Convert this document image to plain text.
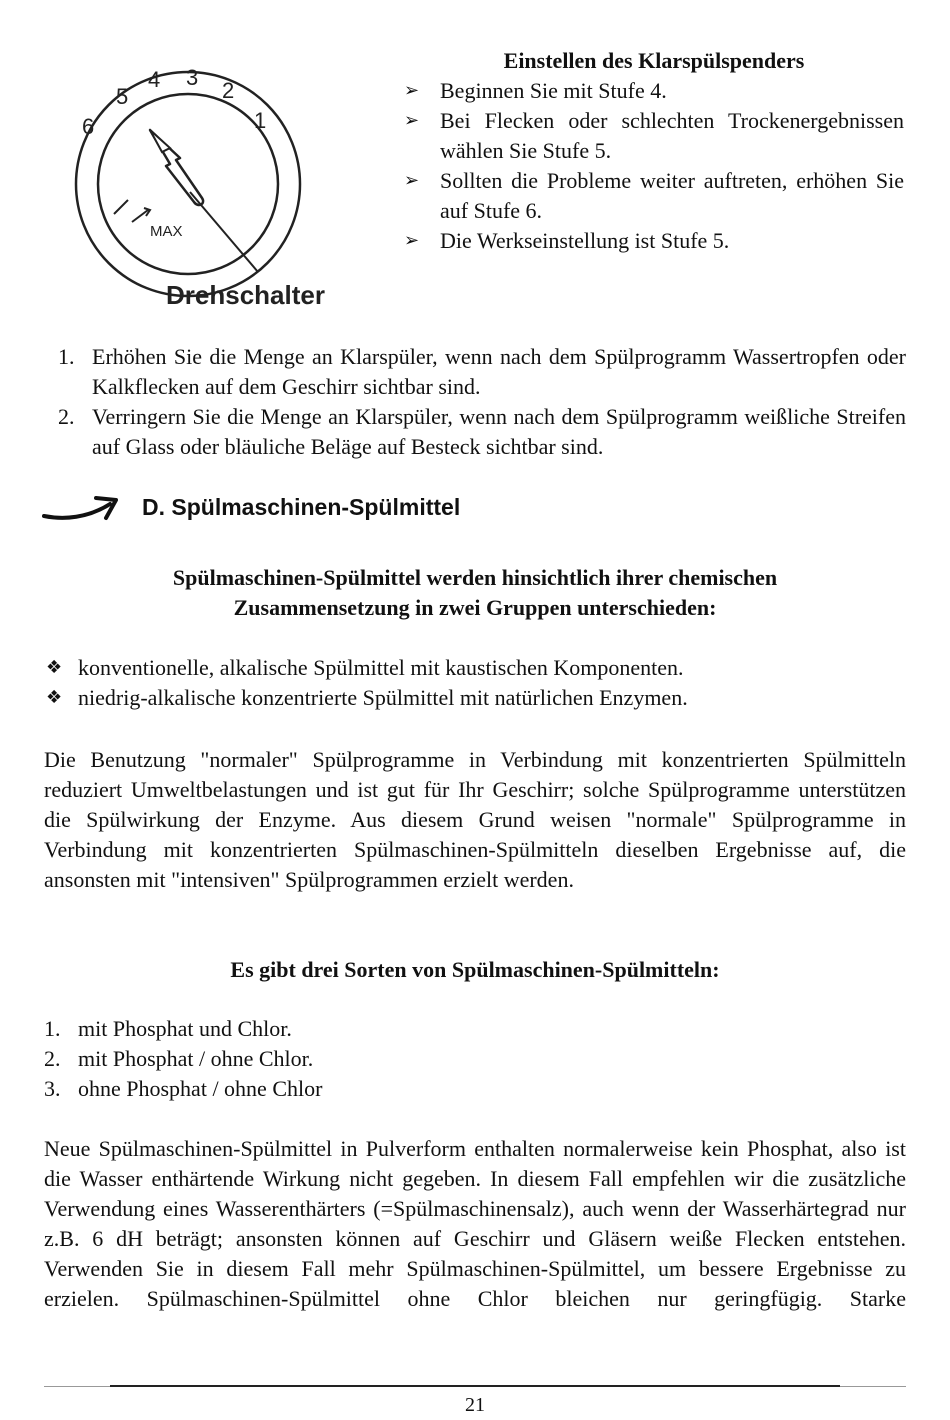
6
5
4 3
2
1
MAX
Drehschalter
Einstellen des Klarspülspenders
➢ Beginnen Sie mit Stufe 4.
➢ Bei Flecken oder schlechten Trockenergebnissen wählen Sie Stufe 5.
➢ Sollten die Probleme weiter auftreten, erhöhen Sie auf Stufe 6.
➢ Die Werkseinstellung ist Stufe 5.
1. Erhöhen Sie die Menge an Klarspüler, wenn nach dem Spülprogramm Wassertropfen oder Kalkflecken auf dem Geschirr sichtbar sind.
2. Verringern Sie die Menge an Klarspüler, wenn nach dem Spülprogramm weißliche Streifen auf Glass oder bläuliche Beläge auf Besteck sichtbar sind.
D. Spülmaschinen-Spülmittel
Spülmaschinen-Spülmittel werden hinsichtlich ihrer chemischen
Zusammensetzung in zwei Gruppen unterschieden:
❖ konventionelle, alkalische Spülmittel mit kaustischen Komponenten.
❖ niedrig-alkalische konzentrierte Spülmittel mit natürlichen Enzymen.
Die Benutzung "normaler" Spülprogramme in Verbindung mit konzentrierten Spülmitteln reduziert Umweltbelastungen und ist gut für Ihr Geschirr; solche Spülprogramme unterstützen die Spülwirkung der Enzyme. Aus diesem Grund weisen "normale" Spülprogramme in Verbindung mit konzentrierten Spülmaschinen-Spülmitteln dieselben Ergebnisse auf, die ansonsten mit "intensiven" Spülprogrammen erzielt werden.
Es gibt drei Sorten von Spülmaschinen-Spülmitteln:
1. mit Phosphat und Chlor.
2. mit Phosphat / ohne Chlor.
3. ohne Phosphat / ohne Chlor
Neue Spülmaschinen-Spülmittel in Pulverform enthalten normalerweise kein Phosphat, also ist die Wasser enthärtende Wirkung nicht gegeben. In diesem Fall empfehlen wir die zusätzliche Verwendung eines Wasserenthärters (=Spülmaschinensalz), auch wenn der Wasserhärtegrad nur z.B. 6 dH beträgt; ansonsten können auf Geschirr und Gläsern weiße Flecken entstehen. Verwenden Sie in diesem Fall mehr Spülmaschinen-Spülmittel, um bessere Ergebnisse zu erzielen. Spülmaschinen-Spülmittel ohne Chlor bleichen nur geringfügig. Starke
21
